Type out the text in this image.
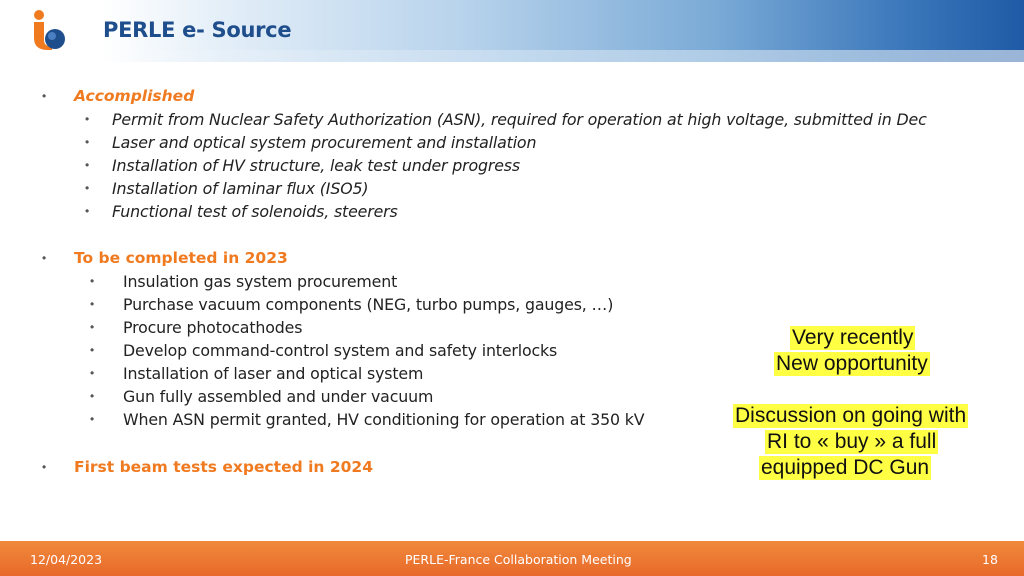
PERLE e- Source
• Accomplished
• Permit from Nuclear Safety Authorization (ASN), required for operation at high voltage, submitted in Dec
• Laser and optical system procurement and installation
• Installation of HV structure, leak test under progress
• Installation of laminar flux (ISO5)
• Functional test of solenoids, steerers
• To be completed in 2023
• Insulation gas system procurement
• Purchase vacuum components (NEG, turbo pumps, gauges, …)
• Procure photocathodes
• Develop command-control system and safety interlocks
• Installation of laser and optical system
• Gun fully assembled and under vacuum
• When ASN permit granted, HV conditioning for operation at 350 kV
• First beam tests expected in 2024
Very recently
New opportunity
Discussion on going with
RI to « buy » a full
equipped DC Gun
12/04/2023	PERLE-France Collaboration Meeting	18
